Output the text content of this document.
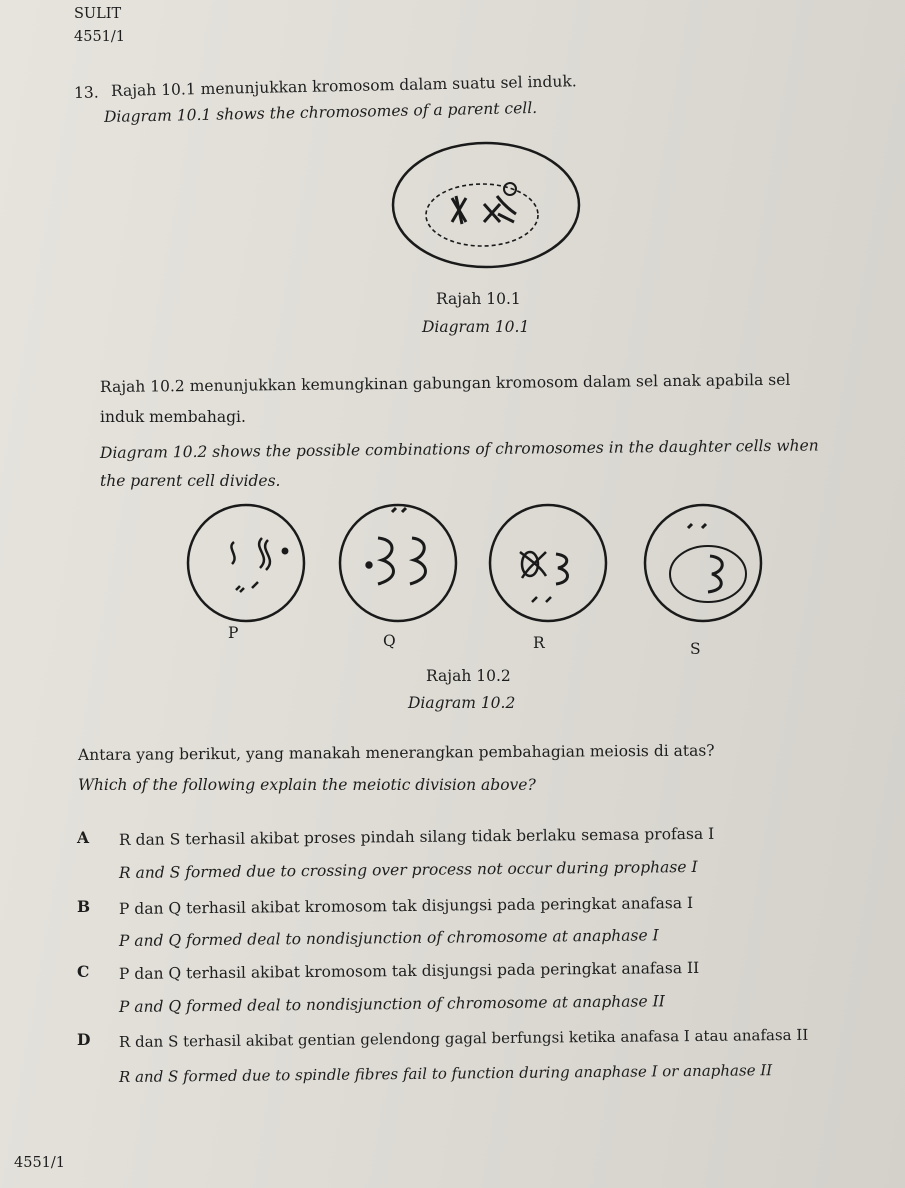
SULIT
4551/1
13. Rajah 10.1 menunjukkan kromosom dalam suatu sel induk.
Diagram 10.1 shows the chromosomes of a parent cell.
Rajah 10.1
Diagram 10.1
Rajah 10.2 menunjukkan kemungkinan gabungan kromosom dalam sel anak apabila sel
induk membahagi.
Diagram 10.2 shows the possible combinations of chromosomes in the daughter cells when
the parent cell divides.
P	Q	R	S
Rajah 10.2
Diagram 10.2
Antara yang berikut, yang manakah menerangkan pembahagian meiosis di atas?
Which of the following explain the meiotic division above?
A R dan S terhasil akibat proses pindah silang tidak berlaku semasa profasa I
R and S formed due to crossing over process not occur during prophase I
B P dan Q terhasil akibat kromosom tak disjungsi pada peringkat anafasa I
P and Q formed deal to nondisjunction of chromosome at anaphase I
C P dan Q terhasil akibat kromosom tak disjungsi pada peringkat anafasa II
P and Q formed deal to nondisjunction of chromosome at anaphase II
D R dan S terhasil akibat gentian gelendong gagal berfungsi ketika anafasa I atau anafasa II
R and S formed due to spindle fibres fail to function during anaphase I or anaphase II
4551/1
